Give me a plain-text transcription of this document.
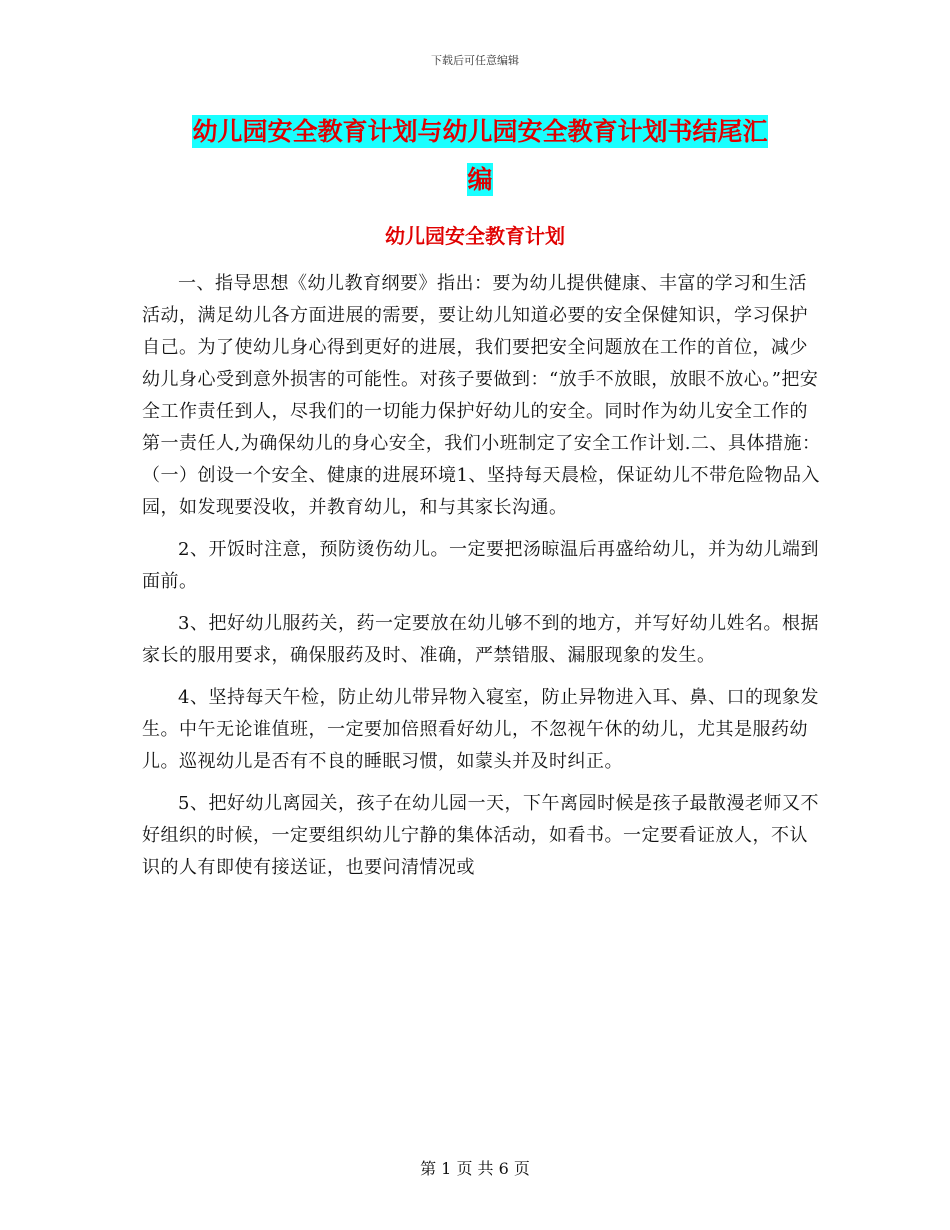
下载后可任意编辑
幼儿园安全教育计划与幼儿园安全教育计划书结尾汇
编
幼儿园安全教育计划

一、指导思想《幼儿教育纲要》指出：要为幼儿提供健康、丰富的学习和生活活动，满足幼儿各方面进展的需要，要让幼儿知道必要的安全保健知识，学习保护自己。为了使幼儿身心得到更好的进展，我们要把安全问题放在工作的首位，减少幼儿身心受到意外损害的可能性。对孩子要做到：“放手不放眼，放眼不放心。”把安全工作责任到人，尽我们的一切能力保护好幼儿的安全。同时作为幼儿安全工作的第一责任人,为确保幼儿的身心安全，我们小班制定了安全工作计划.二、具体措施：（一）创设一个安全、健康的进展环境1、坚持每天晨检，保证幼儿不带危险物品入园，如发现要没收，并教育幼儿，和与其家长沟通。

2、开饭时注意，预防烫伤幼儿。一定要把汤晾温后再盛给幼儿，并为幼儿端到面前。

3、把好幼儿服药关，药一定要放在幼儿够不到的地方，并写好幼儿姓名。根据家长的服用要求，确保服药及时、准确，严禁错服、漏服现象的发生。

4、坚持每天午检，防止幼儿带异物入寝室，防止异物进入耳、鼻、口的现象发生。中午无论谁值班，一定要加倍照看好幼儿，不忽视午休的幼儿，尤其是服药幼儿。巡视幼儿是否有不良的睡眠习惯，如蒙头并及时纠正。

5、把好幼儿离园关，孩子在幼儿园一天，下午离园时候是孩子最散漫老师又不好组织的时候，一定要组织幼儿宁静的集体活动，如看书。一定要看证放人，不认识的人有即使有接送证，也要问清情况或

第 1 页 共 6 页
